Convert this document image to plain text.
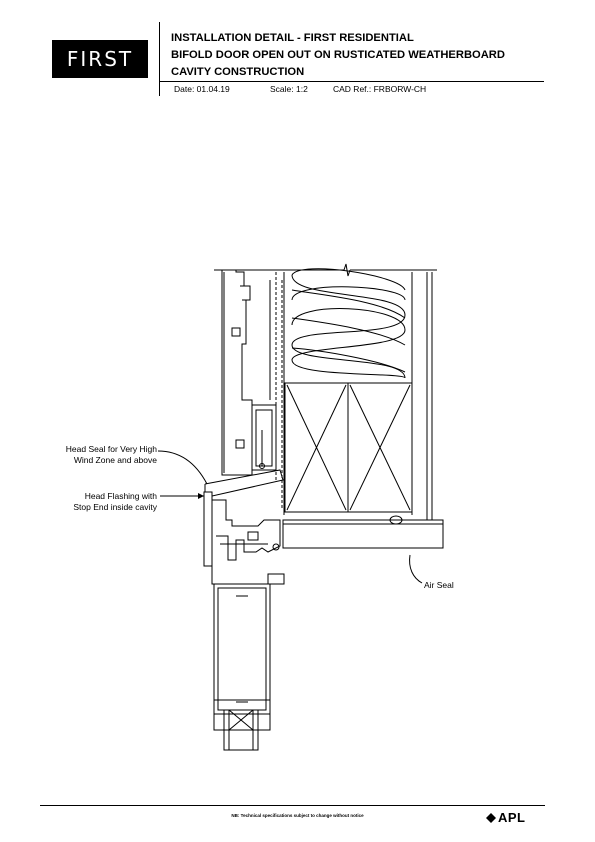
FIRST
INSTALLATION DETAIL - FIRST RESIDENTIAL
BIFOLD DOOR OPEN OUT ON RUSTICATED WEATHERBOARD
CAVITY CONSTRUCTION
Date: 01.04.19	Scale: 1:2	CAD Ref.: FRBORW-CH
Head Seal for Very High
Wind Zone and above
Head Flashing with
Stop End inside cavity
Air Seal
NB: Technical specifications subject to change without notice	APL
